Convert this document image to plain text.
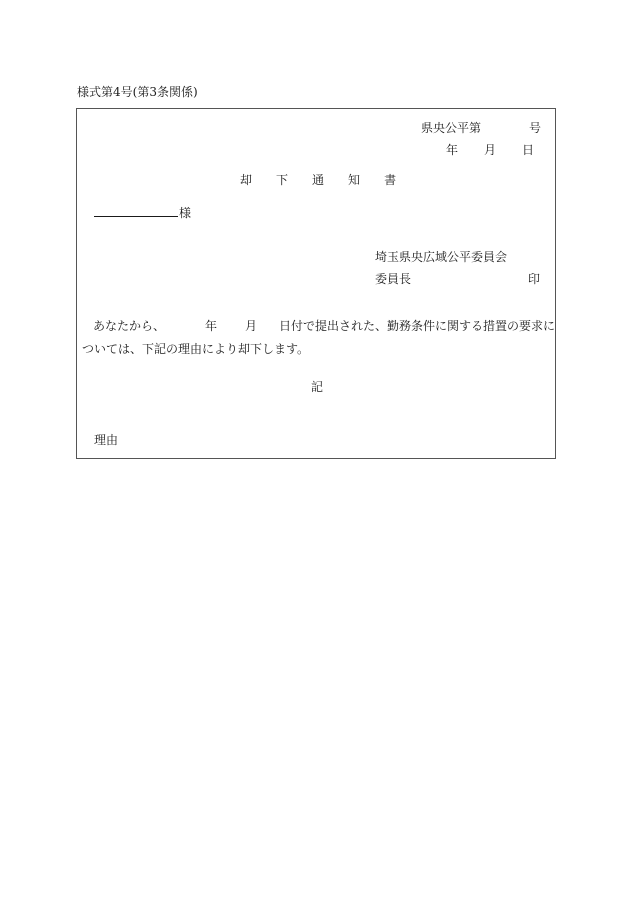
様式第4号(第3条関係)
県央公平第	号
年 月 日
却 下 通 知 書
様
埼玉県央広域公平委員会
委員長	印
あなたから、	年 月 日付で提出された、勤務条件に関する措置の要求に
ついては、下記の理由により却下します。
記
理由
